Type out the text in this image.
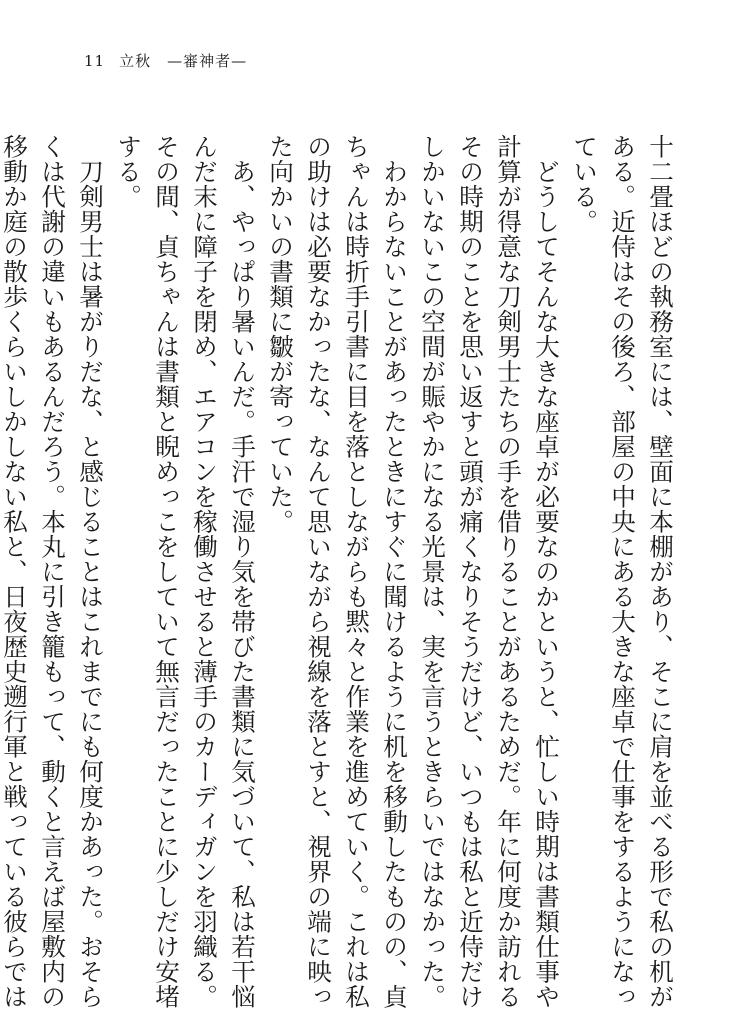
11 立秋　—審神者—

十二畳ほどの執務室には、壁面に本棚があり、そこに肩を並べる形で私の机がある。近侍はその後ろ、部屋の中央にある大きな座卓で仕事をするようになっている。

どうしてそんな大きな座卓が必要なのかというと、忙しい時期は書類仕事や計算が得意な刀剣男士たちの手を借りることがあるためだ。年に何度か訪れるその時期のことを思い返すと頭が痛くなりそうだけど、いつもは私と近侍だけしかいないこの空間が賑やかになる光景は、実を言うときらいではなかった。

わからないことがあったときにすぐに聞けるように机を移動したものの、貞ちゃんは時折手引書に目を落としながらも黙々と作業を進めていく。これは私の助けは必要なかったな、なんて思いながら視線を落とすと、視界の端に映った向かいの書類に皺が寄っていた。

あ、やっぱり暑いんだ。手汗で湿り気を帯びた書類に気づいて、私は若干悩んだ末に障子を閉め、エアコンを稼働させると薄手のカーディガンを羽織る。その間、貞ちゃんは書類と睨めっこをしていて無言だったことに少しだけ安堵する。

刀剣男士は暑がりだな、と感じることはこれまでにも何度かあった。おそらくは代謝の違いもあるんだろう。本丸に引き籠もって、動くと言えば屋敷内の移動か庭の散歩くらいしかしない私と、日夜歴史遡行軍と戦っている彼らでは
